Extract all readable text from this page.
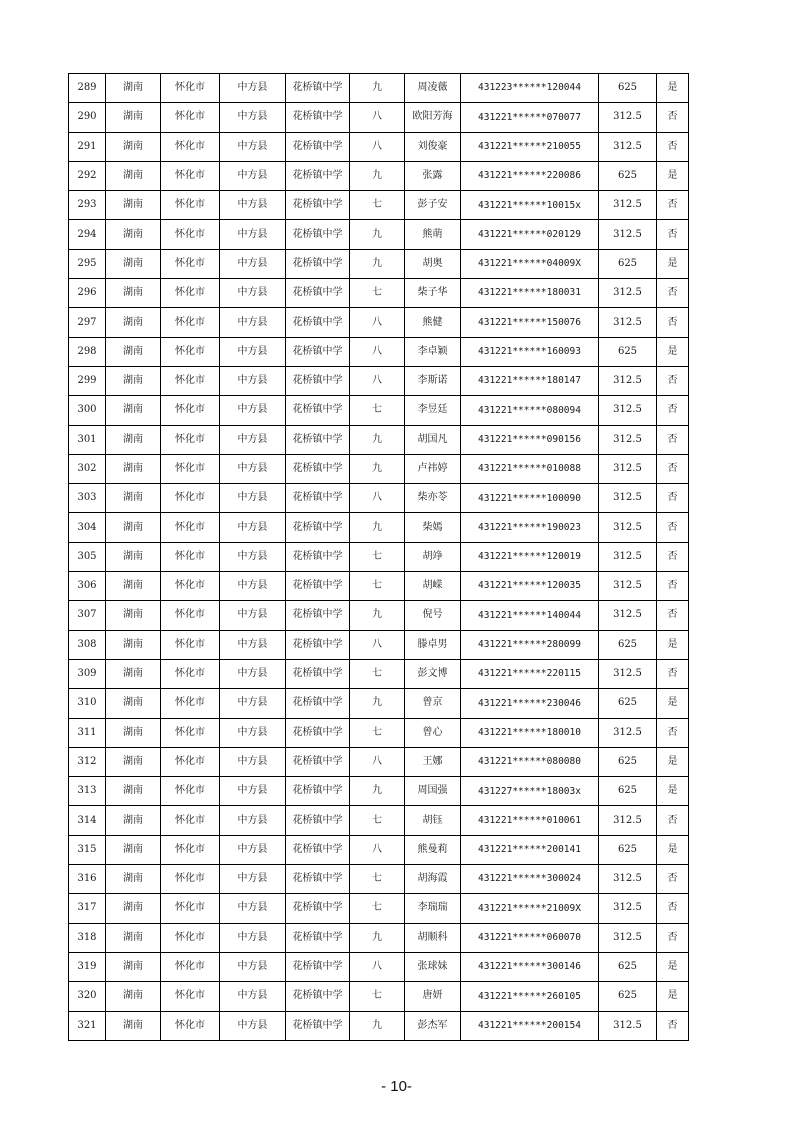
289	湖南	怀化市	中方县	花桥镇中学	九	周凌薇	431223******120044	625	是
290	湖南	怀化市	中方县	花桥镇中学	八	欧阳芳海	431221******070077	312.5	否
291	湖南	怀化市	中方县	花桥镇中学	八	刘俊豪	431221******210055	312.5	否
292	湖南	怀化市	中方县	花桥镇中学	九	张露	431221******220086	625	是
293	湖南	怀化市	中方县	花桥镇中学	七	彭子安	431221******10015x	312.5	否
294	湖南	怀化市	中方县	花桥镇中学	九	熊萌	431221******020129	312.5	否
295	湖南	怀化市	中方县	花桥镇中学	九	胡奥	431221******04009X	625	是
296	湖南	怀化市	中方县	花桥镇中学	七	柴子华	431221******180031	312.5	否
297	湖南	怀化市	中方县	花桥镇中学	八	熊健	431221******150076	312.5	否
298	湖南	怀化市	中方县	花桥镇中学	八	李卓颖	431221******160093	625	是
299	湖南	怀化市	中方县	花桥镇中学	八	李斯诺	431221******180147	312.5	否
300	湖南	怀化市	中方县	花桥镇中学	七	李昱廷	431221******080094	312.5	否
301	湖南	怀化市	中方县	花桥镇中学	九	胡国凡	431221******090156	312.5	否
302	湖南	怀化市	中方县	花桥镇中学	九	卢祎婷	431221******010088	312.5	否
303	湖南	怀化市	中方县	花桥镇中学	八	柴亦苓	431221******100090	312.5	否
304	湖南	怀化市	中方县	花桥镇中学	九	柴嫣	431221******190023	312.5	否
305	湖南	怀化市	中方县	花桥镇中学	七	胡竫	431221******120019	312.5	否
306	湖南	怀化市	中方县	花桥镇中学	七	胡嵘	431221******120035	312.5	否
307	湖南	怀化市	中方县	花桥镇中学	九	倪号	431221******140044	312.5	否
308	湖南	怀化市	中方县	花桥镇中学	八	滕卓男	431221******280099	625	是
309	湖南	怀化市	中方县	花桥镇中学	七	彭文博	431221******220115	312.5	否
310	湖南	怀化市	中方县	花桥镇中学	九	曾京	431221******230046	625	是
311	湖南	怀化市	中方县	花桥镇中学	七	曾心	431221******180010	312.5	否
312	湖南	怀化市	中方县	花桥镇中学	八	王娜	431221******080080	625	是
313	湖南	怀化市	中方县	花桥镇中学	九	周国强	431227******18003x	625	是
314	湖南	怀化市	中方县	花桥镇中学	七	胡钰	431221******010061	312.5	否
315	湖南	怀化市	中方县	花桥镇中学	八	熊曼莉	431221******200141	625	是
316	湖南	怀化市	中方县	花桥镇中学	七	胡海霞	431221******300024	312.5	否
317	湖南	怀化市	中方县	花桥镇中学	七	李瑞瑞	431221******21009X	312.5	否
318	湖南	怀化市	中方县	花桥镇中学	九	胡顺科	431221******060070	312.5	否
319	湖南	怀化市	中方县	花桥镇中学	八	张球妹	431221******300146	625	是
320	湖南	怀化市	中方县	花桥镇中学	七	唐妍	431221******260105	625	是
321	湖南	怀化市	中方县	花桥镇中学	九	彭杰军	431221******200154	312.5	否
- 10-
